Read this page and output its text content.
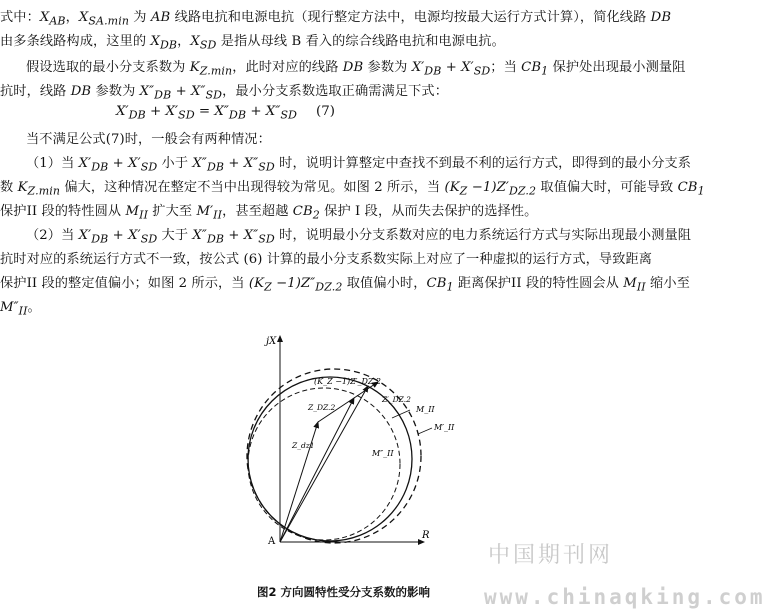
式中：$X_{AB}$，$X_{SA.min}$ 为 AB 线路电抗和电源电抗（现行整定方法中，电源均按最大运行方式计算），简化线路 DB
由多条线路构成，这里的 $X_{DB}$，$X_{SD}$ 是指从母线 B 看入的综合线路电抗和电源电抗。
假设选取的最小分支系数为 $K_{Z.min}$，此时对应的线路 DB 参数为 $X'_{DB} + X'_{SD}$；当 $CB_1$ 保护处出现最小测量阻
抗时，线路 DB 参数为 $X''_{DB} + X''_{SD}$，最小分支系数选取正确需满足下式：
$X'_{DB} + X'_{SD} = X''_{DB} + X''_{SD}$ (7)
当不满足公式(7)时，一般会有两种情况：
（1）当 $X'_{DB} + X'_{SD}$ 小于 $X''_{DB} + X''_{SD}$ 时，说明计算整定中查找不到最不利的运行方式，即得到的最小分支系
数 $K_{Z.min}$ 偏大，这种情况在整定不当中出现得较为常见。如图 2 所示，当 $(K_Z -1)Z'_{DZ.2}$ 取值偏大时，可能导致 $CB_1$
保护II 段的特性圆从 $M_{II}$ 扩大至 $M'_{II}$，甚至超越 $CB_2$ 保护 I 段，从而失去保护的选择性。
（2）当 $X'_{DB} + X'_{SD}$ 大于 $X''_{DB} + X''_{SD}$ 时，说明最小分支系数对应的电力系统运行方式与实际出现最小测量阻
抗时对应的系统运行方式不一致，按公式 (6) 计算的最小分支系数实际上对应了一种虚拟的运行方式，导致距离
保护II 段的整定值偏小；如图 2 所示，当 $(K_Z -1)Z''_{DZ.2}$ 取值偏小时，$CB_1$ 距离保护II 段的特性圆会从 $M_{II}$ 缩小至
$M''_{II}$。
jX
R
A
(K_Z −1)Z′_DZ.2
Z_DZ.2
Z_dz1
Z′_DZ.2
M_II
M′_II
M″_II
图2 方向圆特性受分支系数的影响
中国期刊网
www.chinaqking.com
